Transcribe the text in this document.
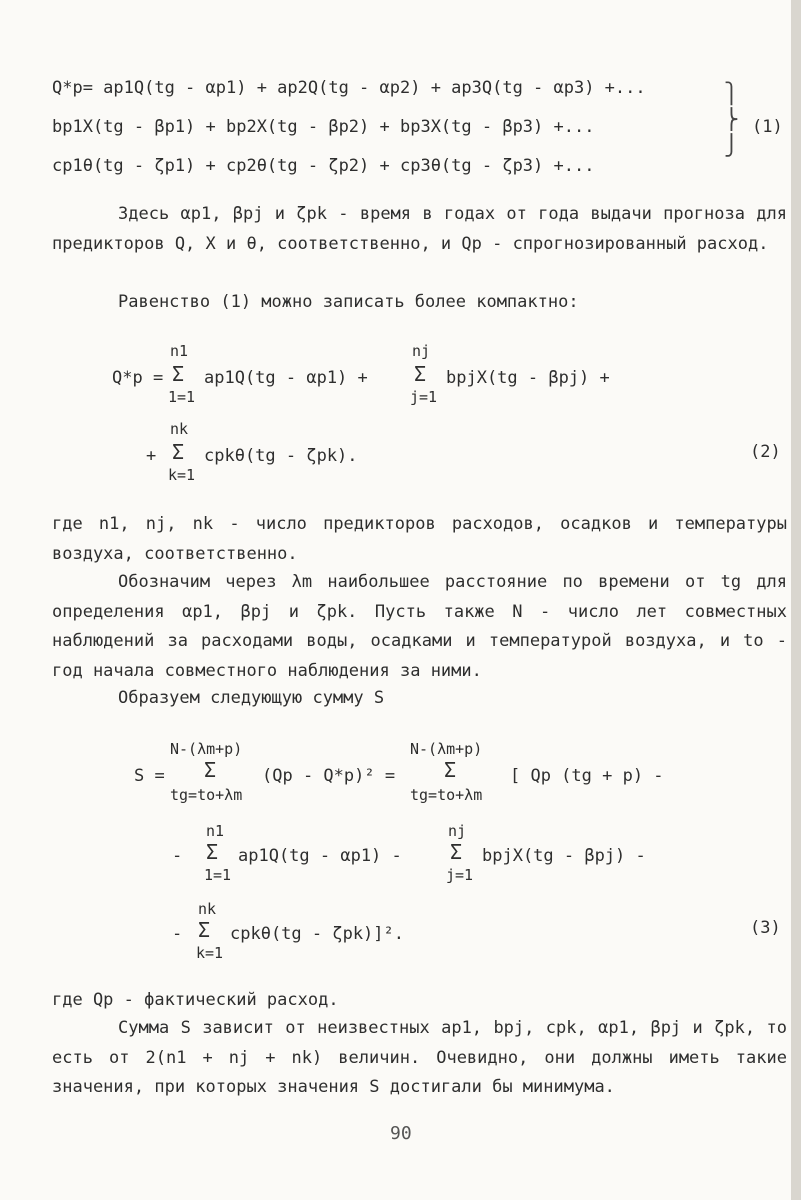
Q*p= ap1Q(tg - αp1) + ap2Q(tg - αp2) + ap3Q(tg - αp3) +...
bp1X(tg - βp1) + bp2X(tg - βp2) + bp3X(tg - βp3) +...
cp1θ(tg - ζp1) + cp2θ(tg - ζp2) + cp3θ(tg - ζp3) +...
⎫
⎬
⎭
(1)
Здесь αp1, βpj и ζpk - время в годах от года выдачи прогноза для предикторов Q, X и θ, соответственно, и Qp - спрогнозированный расход.
Равенство (1) можно записать более компактно:
Q*p =
n1
Σ
1=1
ap1Q(tg - αp1) +
nj
Σ
j=1
bpjX(tg - βpj) +
+
nk
Σ
k=1
cpkθ(tg - ζpk).	(2)
где n1, nj, nk - число предикторов расходов, осадков и температуры воздуха, соответственно.
Обозначим через λm наибольшее расстояние по времени от tg для определения αp1, βpj и ζpk. Пусть также N - число лет совместных наблюдений за расходами воды, осадками и температурой воздуха, и to - год начала совместного наблюдения за ними.
Образуем следующую сумму S
S =
N-(λm+p)
Σ
tg=to+λm
(Qp - Q*p)² =
N-(λm+p)
Σ
tg=to+λm
[ Qp (tg + p) -
-
n1
Σ
1=1
ap1Q(tg - αp1) -
nj
Σ
j=1
bpjX(tg - βpj) -
-
nk
Σ
k=1
cpkθ(tg - ζpk)]².	(3)
где Qp - фактический расход.
Сумма S зависит от неизвестных ap1, bpj, cpk, αp1, βpj и ζpk, то есть от 2(n1 + nj + nk) величин. Очевидно, они должны иметь такие значения, при которых значения S достигали бы минимума.
90
